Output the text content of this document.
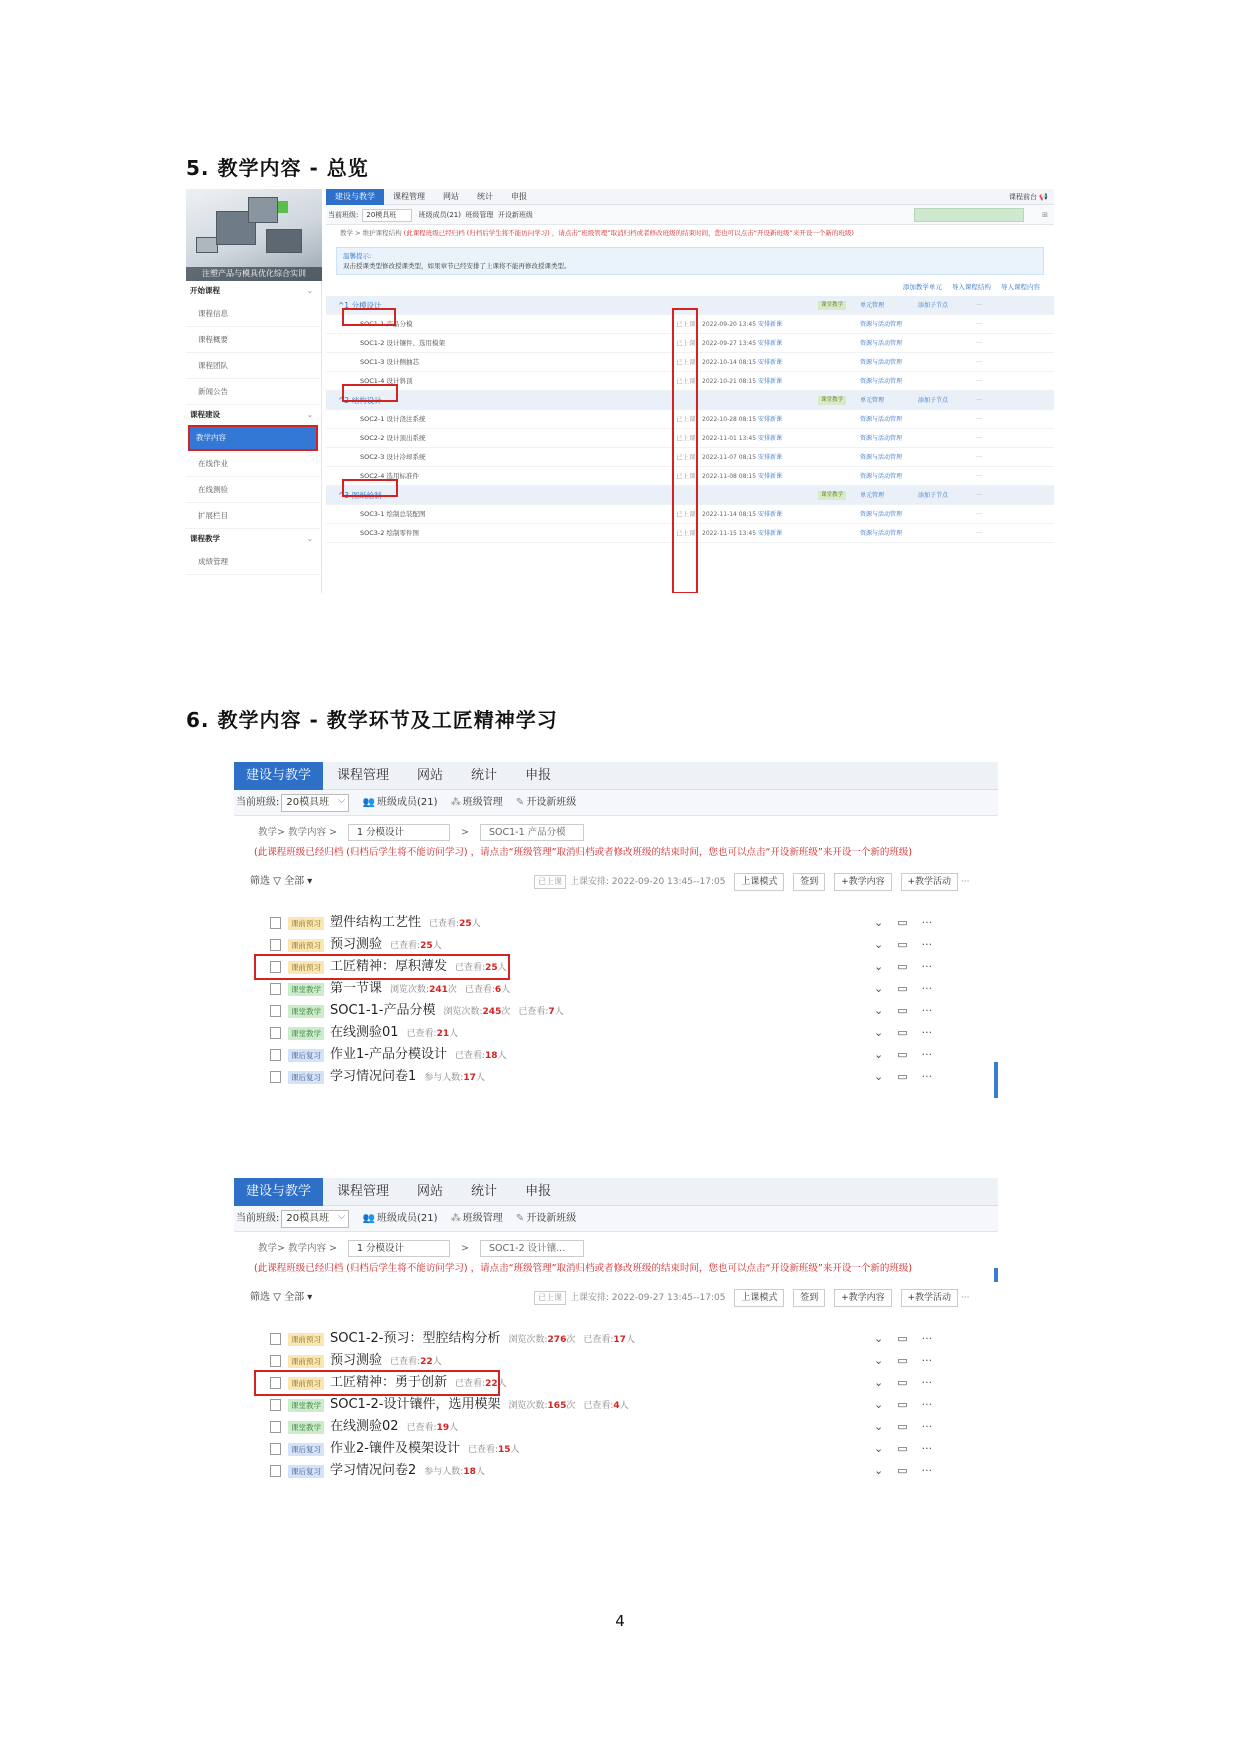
5. 教学内容 - 总览
注塑产品与模具优化综合实训
开始课程	⌄
课程信息
课程概要
课程团队
新闻公告
课程建设	⌄
教学内容
在线作业
在线测验
扩展栏目
课程教学	⌄
成绩管理
建设与教学 课程管理 网站 统计 申报	课程前台 📢
当前班级: 20模具班	班级成员(21) 班级管理 开设新班级	⊞
教学 > 维护课程结构 (此课程班级已经归档 (归档后学生将不能访问学习) ，请点击“班级管理”取消归档或者修改班级的结束时间，您也可以点击“开设新班级”来开设一个新的班级)
温馨提示:
双击授课类型修改授课类型，如果章节已经安排了上课将不能再修改授课类型。
添加教学单元 导入课程结构 导入课程内容
^1 分模设计	课堂教学	单元管理	添加子节点	···
SOC1-1 产品分模	已上课 2022-09-20 13:45 安排新课	资源与活动管理	···
SOC1-2 设计镶件、选用模架	已上课 2022-09-27 13:45 安排新课	资源与活动管理	···
SOC1-3 设计侧抽芯	已上课 2022-10-14 08:15 安排新课	资源与活动管理	···
SOC1-4 设计斜顶	已上课 2022-10-21 08:15 安排新课	资源与活动管理	···
^2-结构设计	课堂教学	单元管理	添加子节点	···
SOC2-1 设计浇注系统	已上课 2022-10-28 08:15 安排新课	资源与活动管理	···
SOC2-2 设计顶出系统	已上课 2022-11-01 13:45 安排新课	资源与活动管理	···
SOC2-3 设计冷却系统	已上课 2022-11-07 08:15 安排新课	资源与活动管理	···
SOC2-4 选用标准件	已上课 2022-11-08 08:15 安排新课	资源与活动管理	···
^3-图纸绘制	课堂教学	单元管理	添加子节点	···
SOC3-1 绘制总装配图	已上课 2022-11-14 08:15 安排新课	资源与活动管理	···
SOC3-2 绘制零件图	已上课 2022-11-15 13:45 安排新课	资源与活动管理	···
6. 教学内容 - 教学环节及工匠精神学习
建设与教学 课程管理 网站 统计 申报
当前班级: 20模具班 ⌵	👥 班级成员(21) ⁂ 班级管理 ✎ 开设新班级
教学> 教学内容 > 1 分模设计	> SOC1-1 产品分模
(此课程班级已经归档 (归档后学生将不能访问学习) ，请点击“班级管理”取消归档或者修改班级的结束时间，您也可以点击“开设新班级”来开设一个新的班级)
筛选 ▽ 全部 ▾	已上课 上课安排: 2022-09-20 13:45--17:05 上课模式	签到	+教学内容	+教学活动 ···
课前预习 塑件结构工艺性 已查看:25人	⌄ ▭ ···
课前预习 预习测验 已查看:25人	⌄ ▭ ···
课前预习 工匠精神：厚积薄发 已查看:25人	⌄ ▭ ···
课堂教学 第一节课 浏览次数:241次 已查看:6人	⌄ ▭ ···
课堂教学 SOC1-1-产品分模 浏览次数:245次 已查看:7人	⌄ ▭ ···
课堂教学 在线测验01 已查看:21人	⌄ ▭ ···
课后复习 作业1-产品分模设计 已查看:18人	⌄ ▭ ···
课后复习 学习情况问卷1 参与人数:17人	⌄ ▭ ···
建设与教学 课程管理 网站 统计 申报
当前班级: 20模具班 ⌵	👥 班级成员(21) ⁂ 班级管理 ✎ 开设新班级
教学> 教学内容 > 1 分模设计	> SOC1-2 设计镶...
(此课程班级已经归档 (归档后学生将不能访问学习) ，请点击“班级管理”取消归档或者修改班级的结束时间，您也可以点击“开设新班级”来开设一个新的班级)
筛选 ▽ 全部 ▾	已上课 上课安排: 2022-09-27 13:45--17:05 上课模式	签到	+教学内容	+教学活动 ···
课前预习 SOC1-2-预习：型腔结构分析 浏览次数:276次 已查看:17人	⌄ ▭ ···
课前预习 预习测验 已查看:22人	⌄ ▭ ···
课前预习 工匠精神：勇于创新 已查看:22人	⌄ ▭ ···
课堂教学 SOC1-2-设计镶件，选用模架 浏览次数:165次 已查看:4人	⌄ ▭ ···
课堂教学 在线测验02 已查看:19人	⌄ ▭ ···
课后复习 作业2-镶件及模架设计 已查看:15人	⌄ ▭ ···
课后复习 学习情况问卷2 参与人数:18人	⌄ ▭ ···
4
